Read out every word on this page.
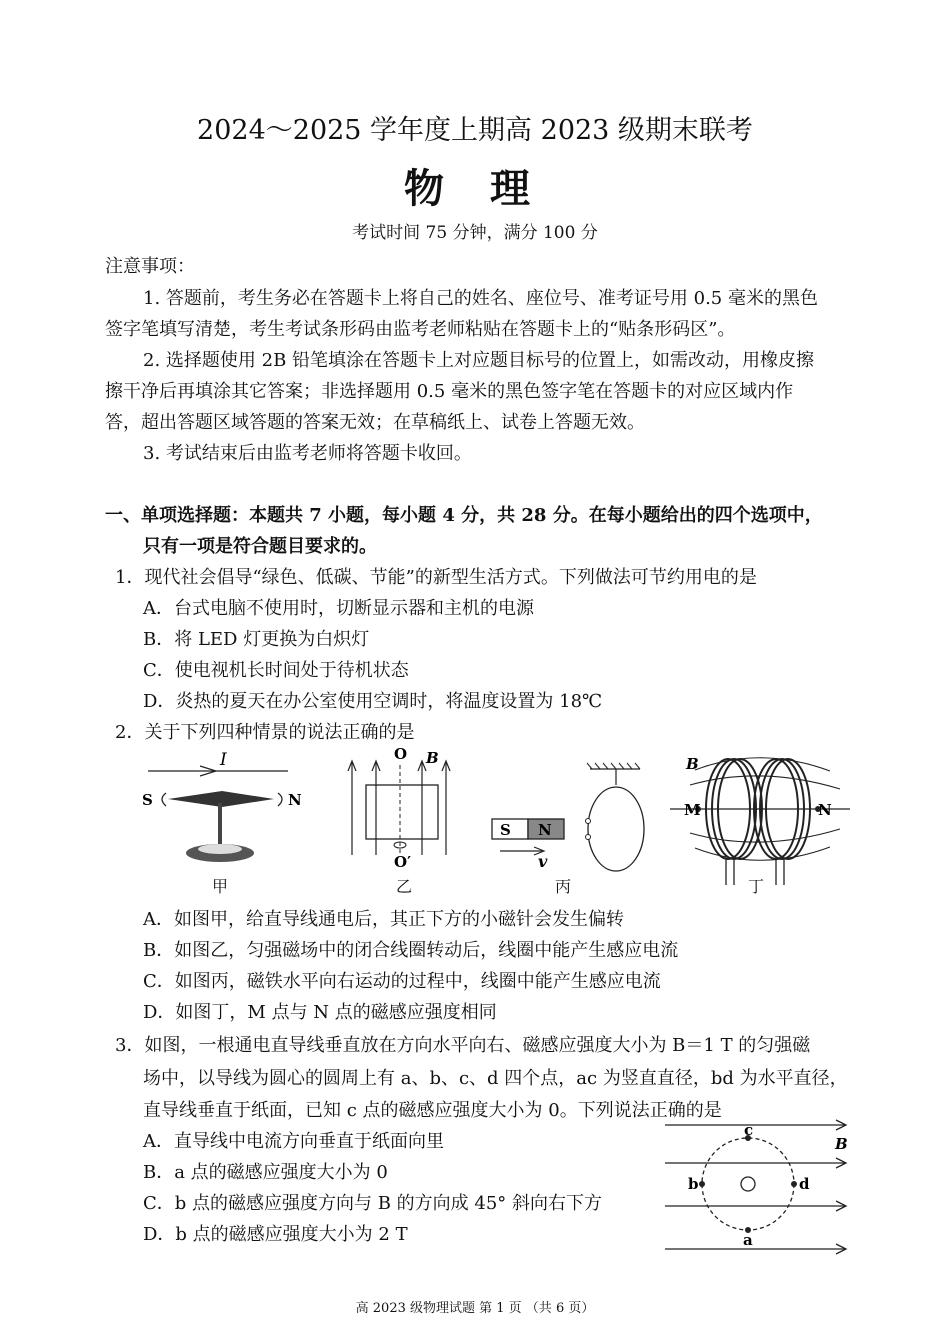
2024～2025 学年度上期高 2023 级期末联考
物 理
考试时间 75 分钟，满分 100 分
注意事项：
1. 答题前，考生务必在答题卡上将自己的姓名、座位号、准考证号用 0.5 毫米的黑色
签字笔填写清楚，考生考试条形码由监考老师粘贴在答题卡上的“贴条形码区”。
2. 选择题使用 2B 铅笔填涂在答题卡上对应题目标号的位置上，如需改动，用橡皮擦
擦干净后再填涂其它答案；非选择题用 0.5 毫米的黑色签字笔在答题卡的对应区域内作
答，超出答题区域答题的答案无效；在草稿纸上、试卷上答题无效。
3. 考试结束后由监考老师将答题卡收回。
一、单项选择题：本题共 7 小题，每小题 4 分，共 28 分。在每小题给出的四个选项中，
只有一项是符合题目要求的。
1．现代社会倡导“绿色、低碳、节能”的新型生活方式。下列做法可节约用电的是
A．台式电脑不使用时，切断显示器和主机的电源
B．将 LED 灯更换为白炽灯
C．使电视机长时间处于待机状态
D．炎热的夏天在办公室使用空调时，将温度设置为 18℃
2．关于下列四种情景的说法正确的是
I
S	N
O B
O′
S N
v
B
M	N
甲	乙	丙	丁
A．如图甲，给直导线通电后，其正下方的小磁针会发生偏转
B．如图乙，匀强磁场中的闭合线圈转动后，线圈中能产生感应电流
C．如图丙，磁铁水平向右运动的过程中，线圈中能产生感应电流
D．如图丁，M 点与 N 点的磁感应强度相同
3．如图，一根通电直导线垂直放在方向水平向右、磁感应强度大小为 B＝1 T 的匀强磁
场中，以导线为圆心的圆周上有 a、b、c、d 四个点，ac 为竖直直径，bd 为水平直径，
直导线垂直于纸面，已知 c 点的磁感应强度大小为 0。下列说法正确的是
A．直导线中电流方向垂直于纸面向里
B．a 点的磁感应强度大小为 0
C．b 点的磁感应强度方向与 B 的方向成 45° 斜向右下方
D．b 点的磁感应强度大小为 2 T
c
a
b	d
B
高 2023 级物理试题 第 1 页 （共 6 页）
